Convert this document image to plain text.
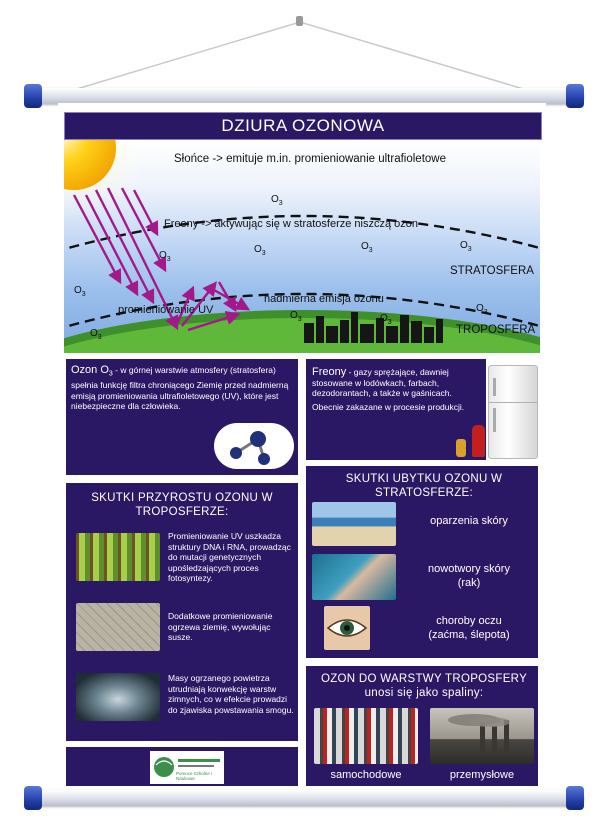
DZIURA OZONOWA
Słońce -> emituje m.in. promieniowanie ultrafioletowe
Freony -> aktywując się w stratosferze niszczą ozon
$O_3$
$O_3$
$O_3$
$O_3$	$O_3$
$O_3$
$O_3$
$O_3$	$O_3$
$O_3$
STRATOSFERA
TROPOSFERA
promieniowanie UV
nadmierna emisja ozonu
Ozon $O_3$ - w górnej warstwie atmosfery (stratosfera) spełnia funkcję filtra chroniącego Ziemię przed nadmierną emisją promieniowania ultrafioletowego (UV), które jest niebezpieczne dla człowieka.
Freony - gazy sprężające, dawniej stosowane w lodówkach, farbach, dezodorantach, a także w gaśnicach.
Obecnie zakazane w procesie produkcji.
SKUTKI PRZYROSTU OZONU W TROPOSFERZE:
Promieniowanie UV uszkadza struktury DNA i RNA, prowadząc do mutacji genetycznych upośledzających proces fotosyntezy.
Dodatkowe promieniowanie ogrzewa ziemię, wywołując susze.
Masy ogrzanego powietrza utrudniają konwekcję warstw zimnych, co w efekcie prowadzi do zjawiska powstawania smogu.
SKUTKI UBYTKU OZONU W STRATOSFERZE:
oparzenia skóry
nowotwory skóry
(rak)
choroby oczu
(zaćma, ślepota)
OZON DO WARSTWY TROPOSFERY unosi się jako spaliny:
samochodowe	przemysłowe
Pomoce Szkolne i Naukowe
